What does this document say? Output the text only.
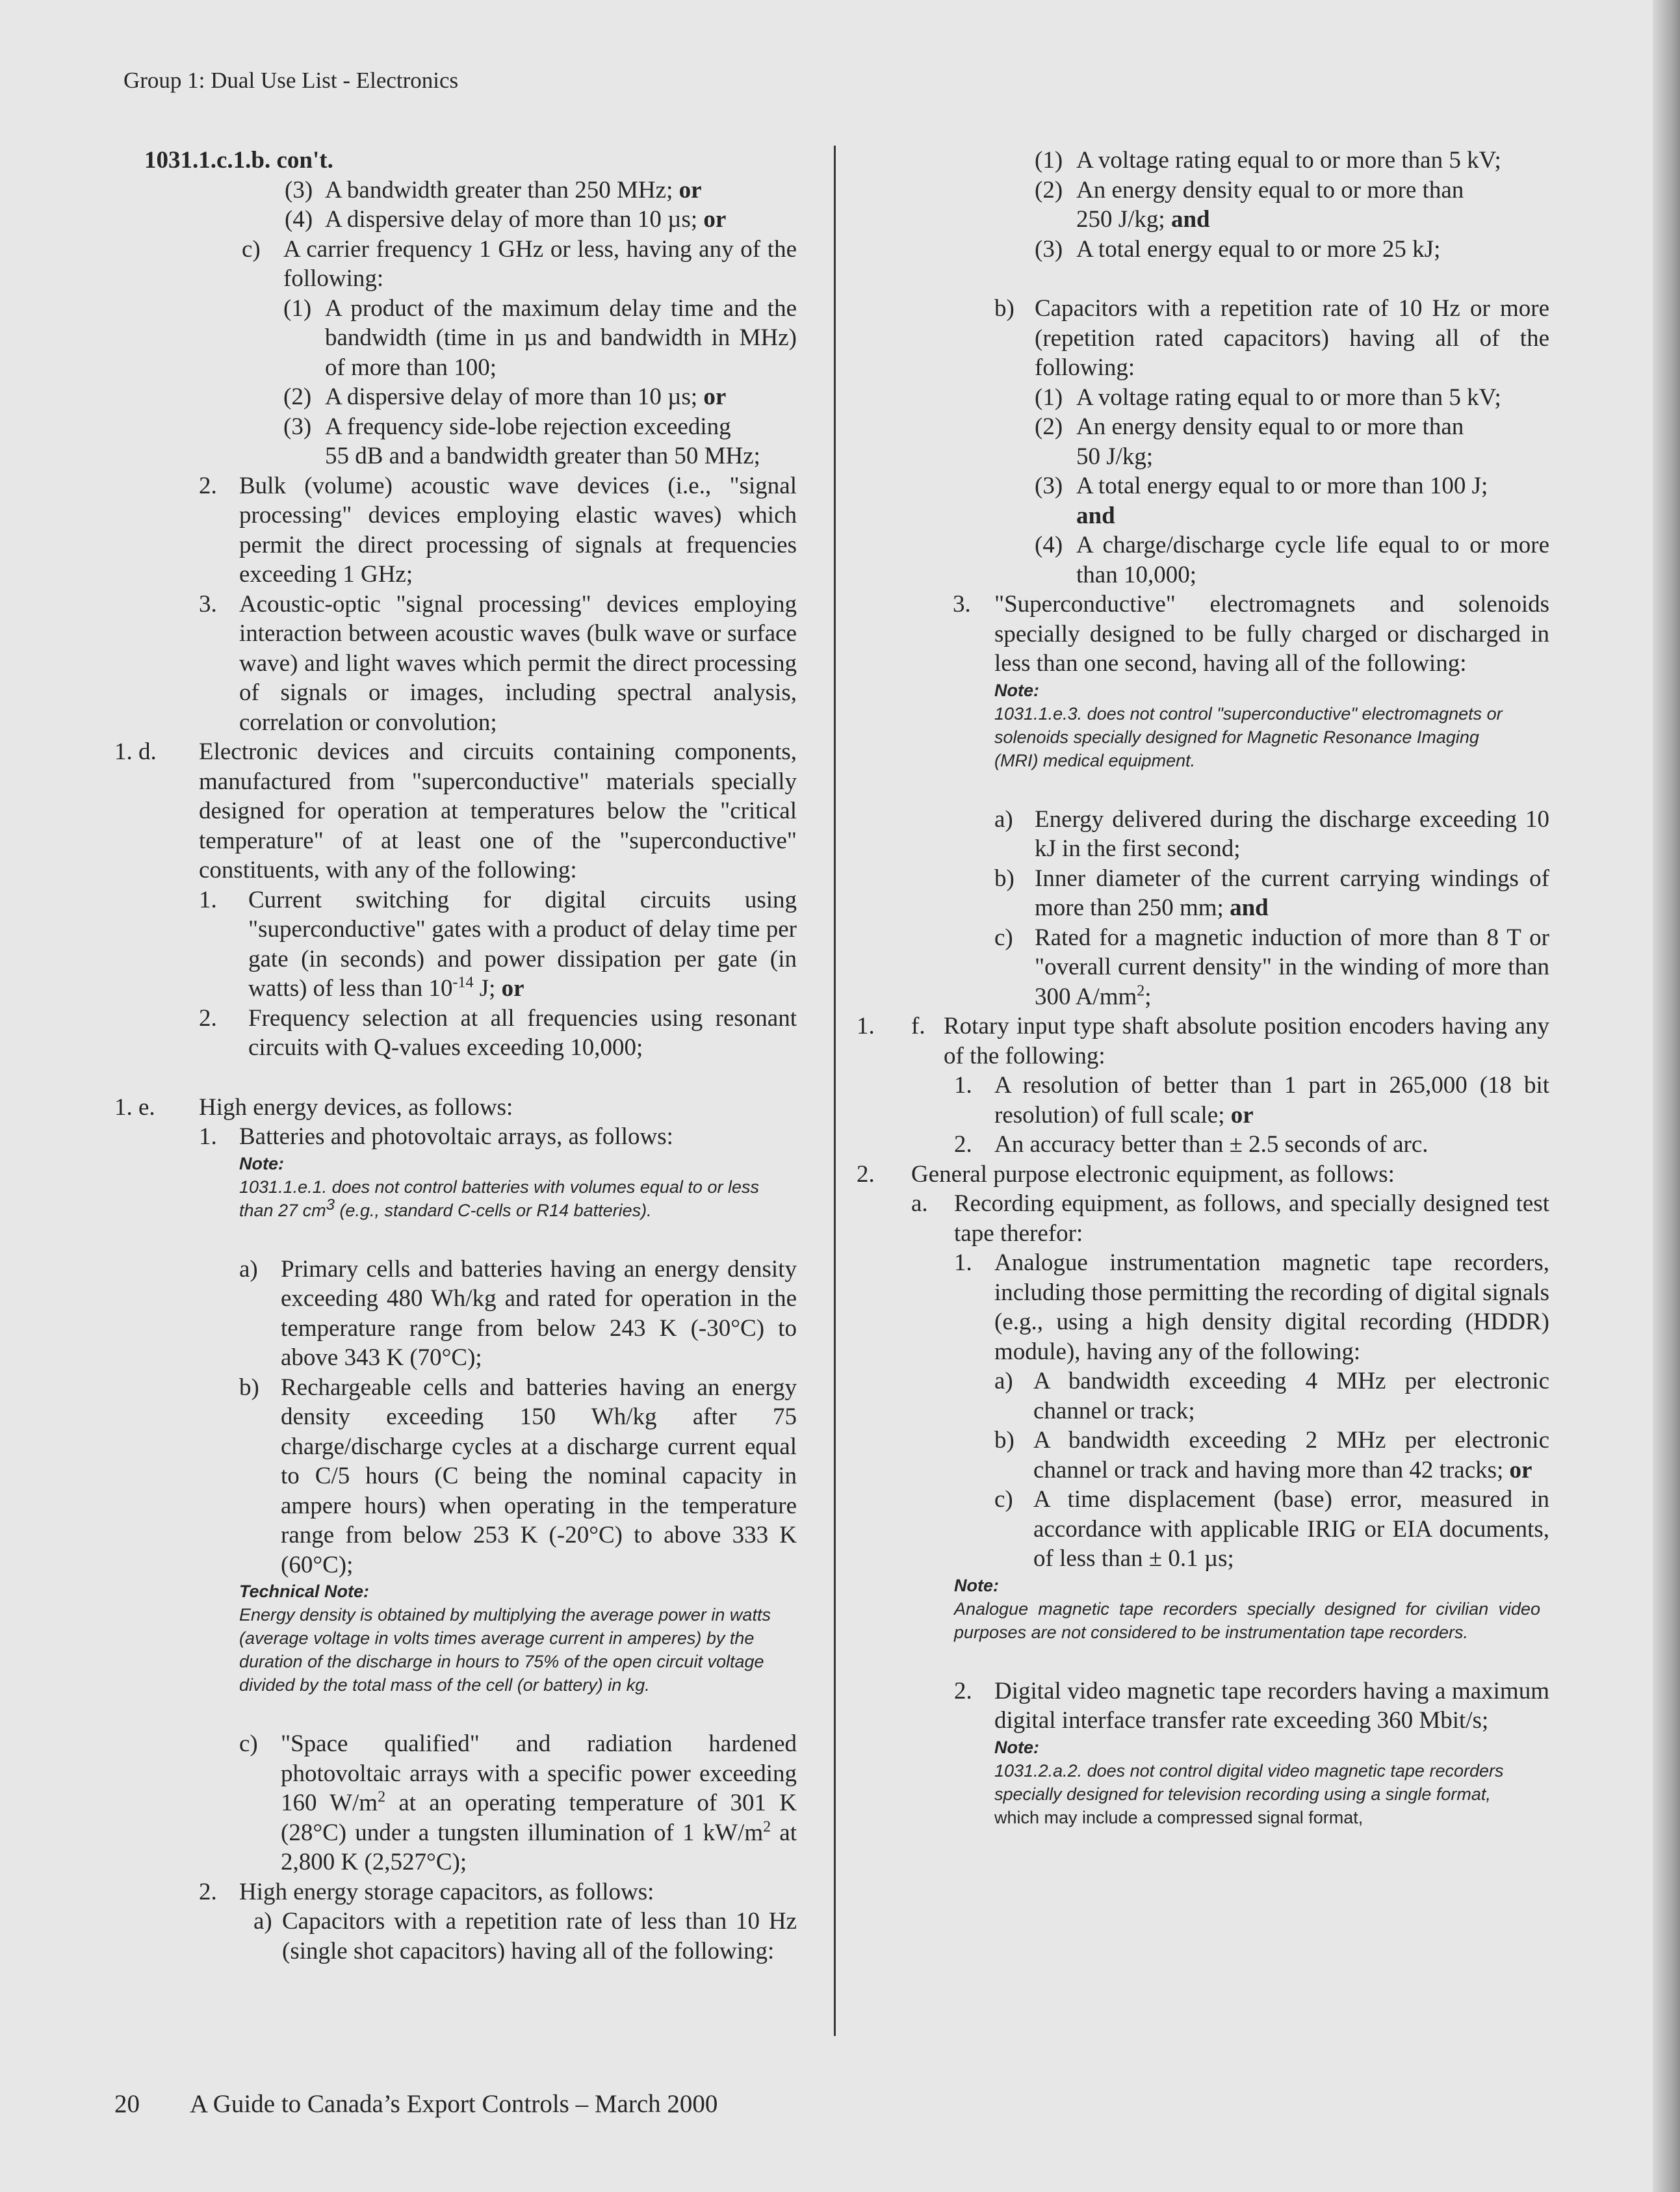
Group 1: Dual Use List - Electronics
1031.1.c.1.b. con't.
(3) A bandwidth greater than 250 MHz; or
(4) A dispersive delay of more than 10 µs; or
c) A carrier frequency 1 GHz or less, having any of the following:
(1) A product of the maximum delay time and the bandwidth (time in µs and bandwidth in MHz) of more than 100;
(2) A dispersive delay of more than 10 µs; or
(3) A frequency side-lobe rejection exceeding
55 dB and a bandwidth greater than 50 MHz;
2. Bulk (volume) acoustic wave devices (i.e., "signal processing" devices employing elastic waves) which permit the direct processing of signals at frequencies exceeding 1 GHz;
3. Acoustic-optic "signal processing" devices employing interaction between acoustic waves (bulk wave or surface wave) and light waves which permit the direct processing of signals or images, including spectral analysis, correlation or convolution;
1. d.	Electronic devices and circuits containing components, manufactured from "superconductive" materials specially designed for operation at temperatures below the "critical temperature" of at least one of the "superconductive" constituents, with any of the following:
1.	Current switching for digital circuits using "superconductive" gates with a product of delay time per gate (in seconds) and power dissipation per gate (in watts) of less than $10^{-14}$ J; or
2.	Frequency selection at all frequencies using resonant circuits with Q-values exceeding 10,000;
1. e.	High energy devices, as follows:
1. Batteries and photovoltaic arrays, as follows:
Note:
1031.1.e.1. does not control batteries with volumes equal to or less than 27 $cm^3$ (e.g., standard C-cells or R14 batteries).
a) Primary cells and batteries having an energy density exceeding 480 Wh/kg and rated for operation in the temperature range from below 243 K (-30°C) to above 343 K (70°C);
b) Rechargeable cells and batteries having an energy density exceeding 150 Wh/kg after 75 charge/discharge cycles at a discharge current equal to C/5 hours (C being the nominal capacity in ampere hours) when operating in the temperature range from below 253 K (-20°C) to above 333 K (60°C);
Technical Note:
Energy density is obtained by multiplying the average power in watts (average voltage in volts times average current in amperes) by the duration of the discharge in hours to 75% of the open circuit voltage divided by the total mass of the cell (or battery) in kg.
c) "Space qualified" and radiation hardened photovoltaic arrays with a specific power exceeding 160 $W/m^2$ at an operating temperature of 301 K (28°C) under a tungsten illumination of 1 $kW/m^2$ at 2,800 K (2,527°C);
2. High energy storage capacitors, as follows:
a) Capacitors with a repetition rate of less than 10 Hz (single shot capacitors) having all of the following:
(1) A voltage rating equal to or more than 5 kV;
(2) An energy density equal to or more than
250 J/kg; and
(3) A total energy equal to or more 25 kJ;
b) Capacitors with a repetition rate of 10 Hz or more (repetition rated capacitors) having all of the following:
(1) A voltage rating equal to or more than 5 kV;
(2) An energy density equal to or more than
50 J/kg;
(3) A total energy equal to or more than 100 J;
and
(4) A charge/discharge cycle life equal to or more than 10,000;
3. "Superconductive" electromagnets and solenoids specially designed to be fully charged or discharged in less than one second, having all of the following:
Note:
1031.1.e.3. does not control "superconductive" electromagnets or solenoids specially designed for Magnetic Resonance Imaging (MRI) medical equipment.
a) Energy delivered during the discharge exceeding 10 kJ in the first second;
b) Inner diameter of the current carrying windings of more than 250 mm; and
c) Rated for a magnetic induction of more than 8 T or "overall current density" in the winding of more than 300 $A/mm^2$;
1.	f. Rotary input type shaft absolute position encoders having any of the following:
1. A resolution of better than 1 part in 265,000 (18 bit resolution) of full scale; or
2. An accuracy better than ± 2.5 seconds of arc.
2.	General purpose electronic equipment, as follows:
a.	Recording equipment, as follows, and specially designed test tape therefor:
1. Analogue instrumentation magnetic tape recorders, including those permitting the recording of digital signals (e.g., using a high density digital recording (HDDR) module), having any of the following:
a) A bandwidth exceeding 4 MHz per electronic channel or track;
b) A bandwidth exceeding 2 MHz per electronic channel or track and having more than 42 tracks; or
c) A time displacement (base) error, measured in accordance with applicable IRIG or EIA documents, of less than ± 0.1 µs;
Note:
Analogue magnetic tape recorders specially designed for civilian video purposes are not considered to be instrumentation tape recorders.
2. Digital video magnetic tape recorders having a maximum digital interface transfer rate exceeding 360 Mbit/s;
Note:
1031.2.a.2. does not control digital video magnetic tape recorders specially designed for television recording using a single format, which may include a compressed signal format,
20 A Guide to Canada’s Export Controls – March 2000
